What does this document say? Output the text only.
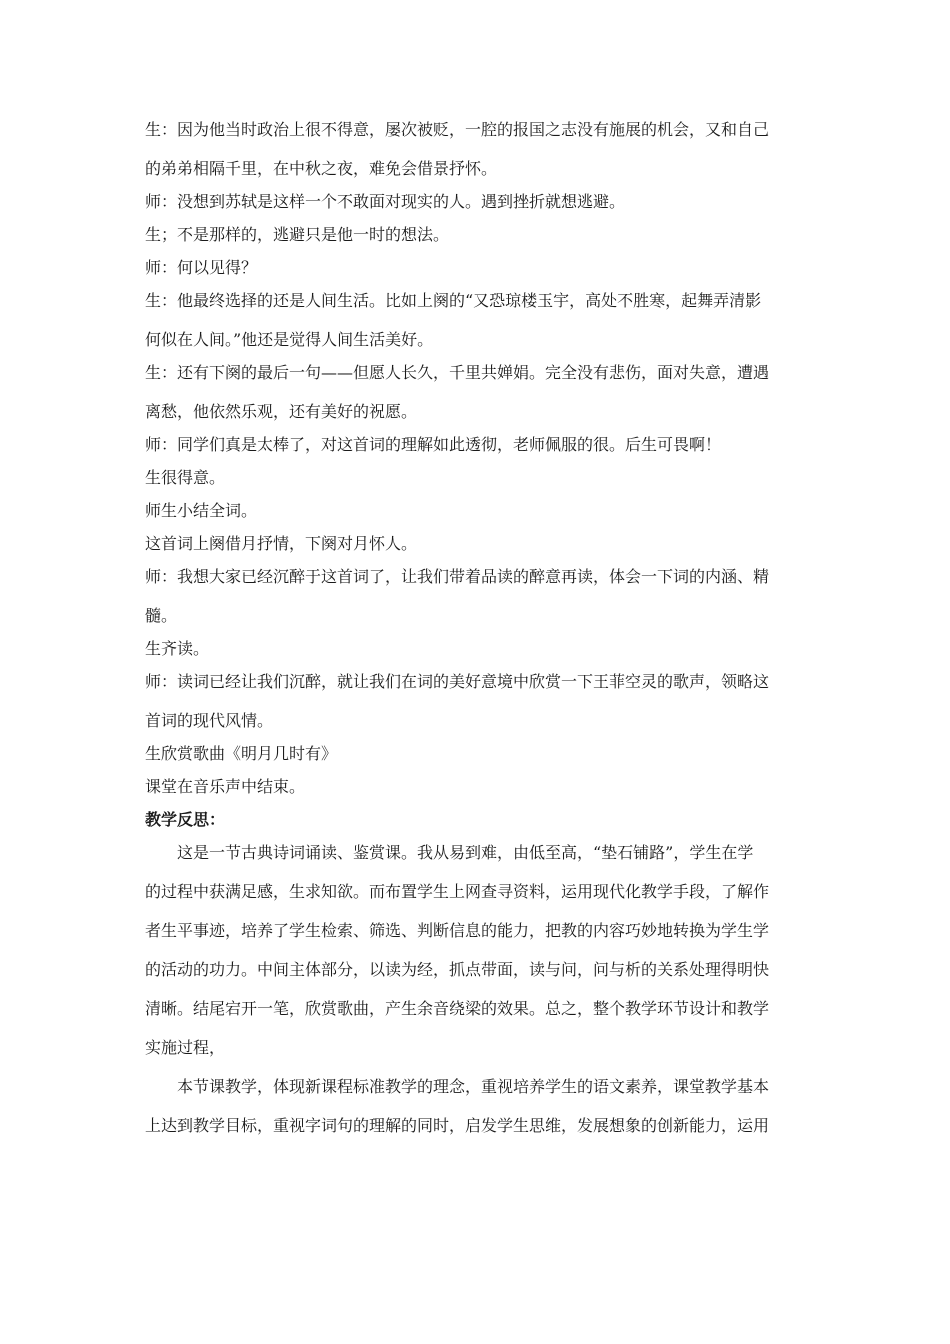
生：因为他当时政治上很不得意，屡次被贬，一腔的报国之志没有施展的机会，又和自己
的弟弟相隔千里，在中秋之夜，难免会借景抒怀。
师：没想到苏轼是这样一个不敢面对现实的人。遇到挫折就想逃避。
生；不是那样的，逃避只是他一时的想法。
师：何以见得？
生：他最终选择的还是人间生活。比如上阕的“又恐琼楼玉宇，高处不胜寒，起舞弄清影
何似在人间。”他还是觉得人间生活美好。
生：还有下阕的最后一句——但愿人长久，千里共婵娟。完全没有悲伤，面对失意，遭遇
离愁，他依然乐观，还有美好的祝愿。
师：同学们真是太棒了，对这首词的理解如此透彻，老师佩服的很。后生可畏啊！
生很得意。
师生小结全词。
这首词上阕借月抒情，下阕对月怀人。
师：我想大家已经沉醉于这首词了，让我们带着品读的醉意再读，体会一下词的内涵、精
髓。
生齐读。
师：读词已经让我们沉醉，就让我们在词的美好意境中欣赏一下王菲空灵的歌声，领略这
首词的现代风情。
生欣赏歌曲《明月几时有》
课堂在音乐声中结束。
教学反思：
这是一节古典诗词诵读、鉴赏课。我从易到难，由低至高，“垫石铺路”，学生在学
的过程中获满足感，生求知欲。而布置学生上网查寻资料，运用现代化教学手段，了解作
者生平事迹，培养了学生检索、筛选、判断信息的能力，把教的内容巧妙地转换为学生学
的活动的功力。中间主体部分，以读为经，抓点带面，读与问，问与析的关系处理得明快
清晰。结尾宕开一笔，欣赏歌曲，产生余音绕梁的效果。总之，整个教学环节设计和教学
实施过程，
本节课教学，体现新课程标准教学的理念，重视培养学生的语文素养，课堂教学基本
上达到教学目标，重视字词句的理解的同时，启发学生思维，发展想象的创新能力，运用
